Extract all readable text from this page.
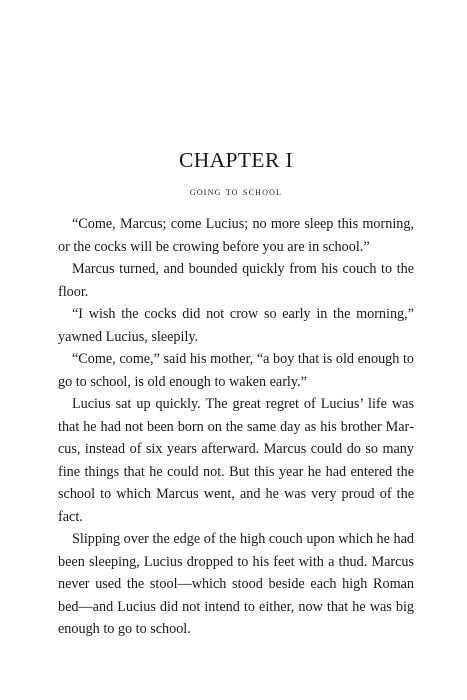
CHAPTER I
going to school

“Come, Marcus; come Lucius; no more sleep this morning, or the cocks will be crowing before you are in school.”

Marcus turned, and bounded quickly from his couch to the floor.

“I wish the cocks did not crow so early in the morning,” yawned Lucius, sleepily.

“Come, come,” said his mother, “a boy that is old enough to go to school, is old enough to waken early.”

Lucius sat up quickly. The great regret of Lucius’ life was that he had not been born on the same day as his brother Marcus, instead of six years afterward. Marcus could do so many fine things that he could not. But this year he had entered the school to which Marcus went, and he was very proud of the fact.

Slipping over the edge of the high couch upon which he had been sleeping, Lucius dropped to his feet with a thud. Marcus never used the stool—which stood beside each high Roman bed—and Lucius did not intend to either, now that he was big enough to go to school.
